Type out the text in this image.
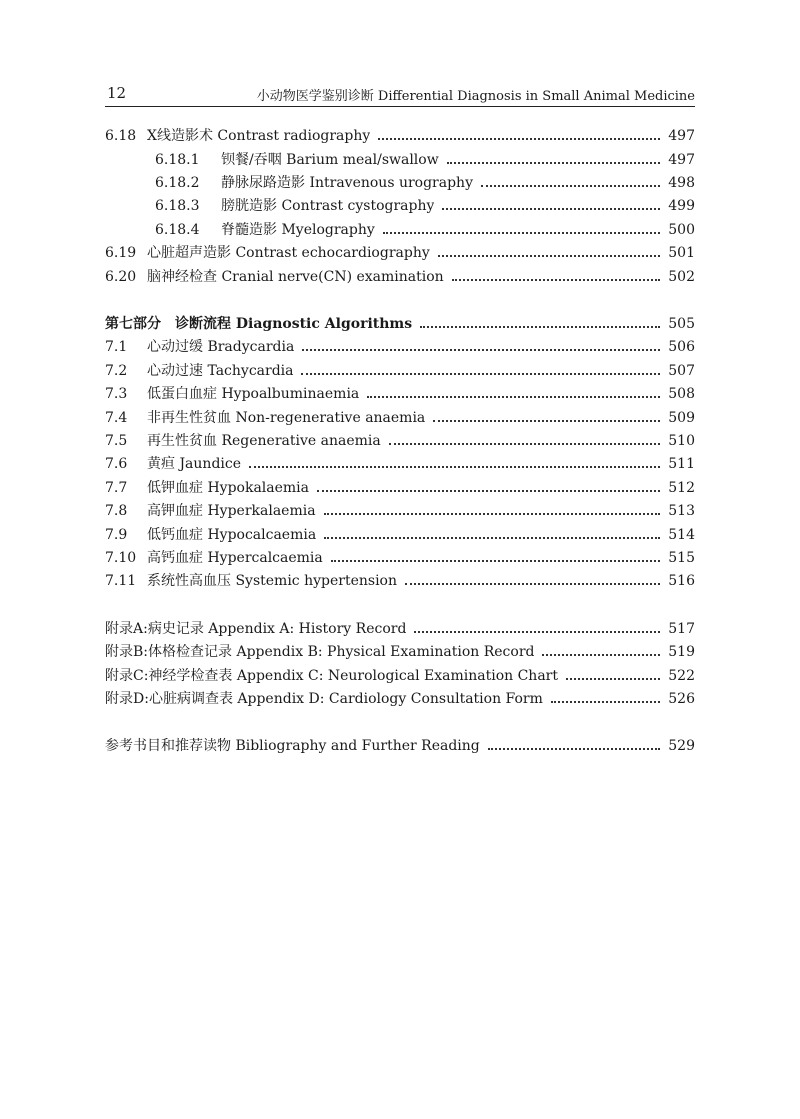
12	小动物医学鉴别诊断 Differential Diagnosis in Small Animal Medicine
6.18 X线造影术 Contrast radiography	497
6.18.1	钡餐/吞咽 Barium meal/swallow	497
6.18.2	静脉尿路造影 Intravenous urography	498
6.18.3	膀胱造影 Contrast cystography	499
6.18.4	脊髓造影 Myelography	500
6.19 心脏超声造影 Contrast echocardiography	501
6.20 脑神经检查 Cranial nerve(CN) examination	502
第七部分　诊断流程 Diagnostic Algorithms	505
7.1	心动过缓 Bradycardia	506
7.2	心动过速 Tachycardia	507
7.3	低蛋白血症 Hypoalbuminaemia	508
7.4	非再生性贫血 Non-regenerative anaemia	509
7.5	再生性贫血 Regenerative anaemia	510
7.6	黄疸 Jaundice	511
7.7	低钾血症 Hypokalaemia	512
7.8	高钾血症 Hyperkalaemia	513
7.9	低钙血症 Hypocalcaemia	514
7.10 高钙血症 Hypercalcaemia	515
7.11 系统性高血压 Systemic hypertension	516
附录A:病史记录 Appendix A: History Record	517
附录B:体格检查记录 Appendix B: Physical Examination Record	519
附录C:神经学检查表 Appendix C: Neurological Examination Chart	522
附录D:心脏病调查表 Appendix D: Cardiology Consultation Form	526
参考书目和推荐读物 Bibliography and Further Reading	529
